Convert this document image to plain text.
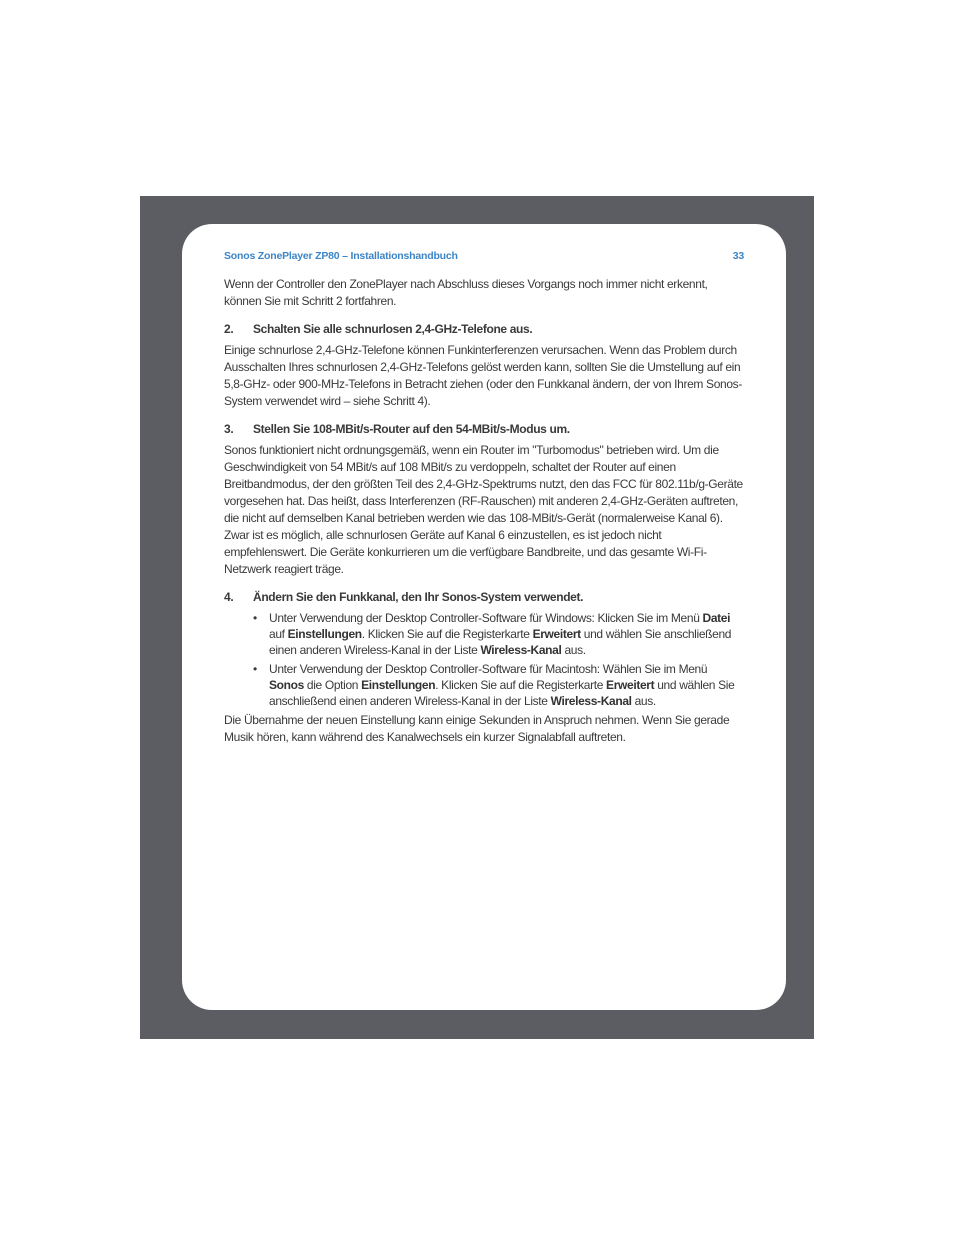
Sonos ZonePlayer ZP80 – Installationshandbuch	33

Wenn der Controller den ZonePlayer nach Abschluss dieses Vorgangs noch immer nicht erkennt, können Sie mit Schritt 2 fortfahren.

2.	Schalten Sie alle schnurlosen 2,4-GHz-Telefone aus.

Einige schnurlose 2,4-GHz-Telefone können Funkinterferenzen verursachen. Wenn das Problem durch Ausschalten Ihres schnurlosen 2,4-GHz-Telefons gelöst werden kann, sollten Sie die Umstellung auf ein 5,8-GHz- oder 900-MHz-Telefons in Betracht ziehen (oder den Funkkanal ändern, der von Ihrem Sonos-System verwendet wird – siehe Schritt 4).

3.	Stellen Sie 108-MBit/s-Router auf den 54-MBit/s-Modus um.

Sonos funktioniert nicht ordnungsgemäß, wenn ein Router im "Turbomodus" betrieben wird. Um die Geschwindigkeit von 54 MBit/s auf 108 MBit/s zu verdoppeln, schaltet der Router auf einen Breitbandmodus, der den größten Teil des 2,4-GHz-Spektrums nutzt, den das FCC für 802.11b/g-Geräte vorgesehen hat. Das heißt, dass Interferenzen (RF-Rauschen) mit anderen 2,4-GHz-Geräten auftreten, die nicht auf demselben Kanal betrieben werden wie das 108-MBit/s-Gerät (normalerweise Kanal 6). Zwar ist es möglich, alle schnurlosen Geräte auf Kanal 6 einzustellen, es ist jedoch nicht empfehlenswert. Die Geräte konkurrieren um die verfügbare Bandbreite, und das gesamte Wi-Fi-Netzwerk reagiert träge.

4.	Ändern Sie den Funkkanal, den Ihr Sonos-System verwendet.
• Unter Verwendung der Desktop Controller-Software für Windows: Klicken Sie im Menü Datei auf Einstellungen. Klicken Sie auf die Registerkarte Erweitert und wählen Sie anschließend einen anderen Wireless-Kanal in der Liste Wireless-Kanal aus.
• Unter Verwendung der Desktop Controller-Software für Macintosh: Wählen Sie im Menü Sonos die Option Einstellungen. Klicken Sie auf die Registerkarte Erweitert und wählen Sie anschließend einen anderen Wireless-Kanal in der Liste Wireless-Kanal aus.

Die Übernahme der neuen Einstellung kann einige Sekunden in Anspruch nehmen. Wenn Sie gerade Musik hören, kann während des Kanalwechsels ein kurzer Signalabfall auftreten.
